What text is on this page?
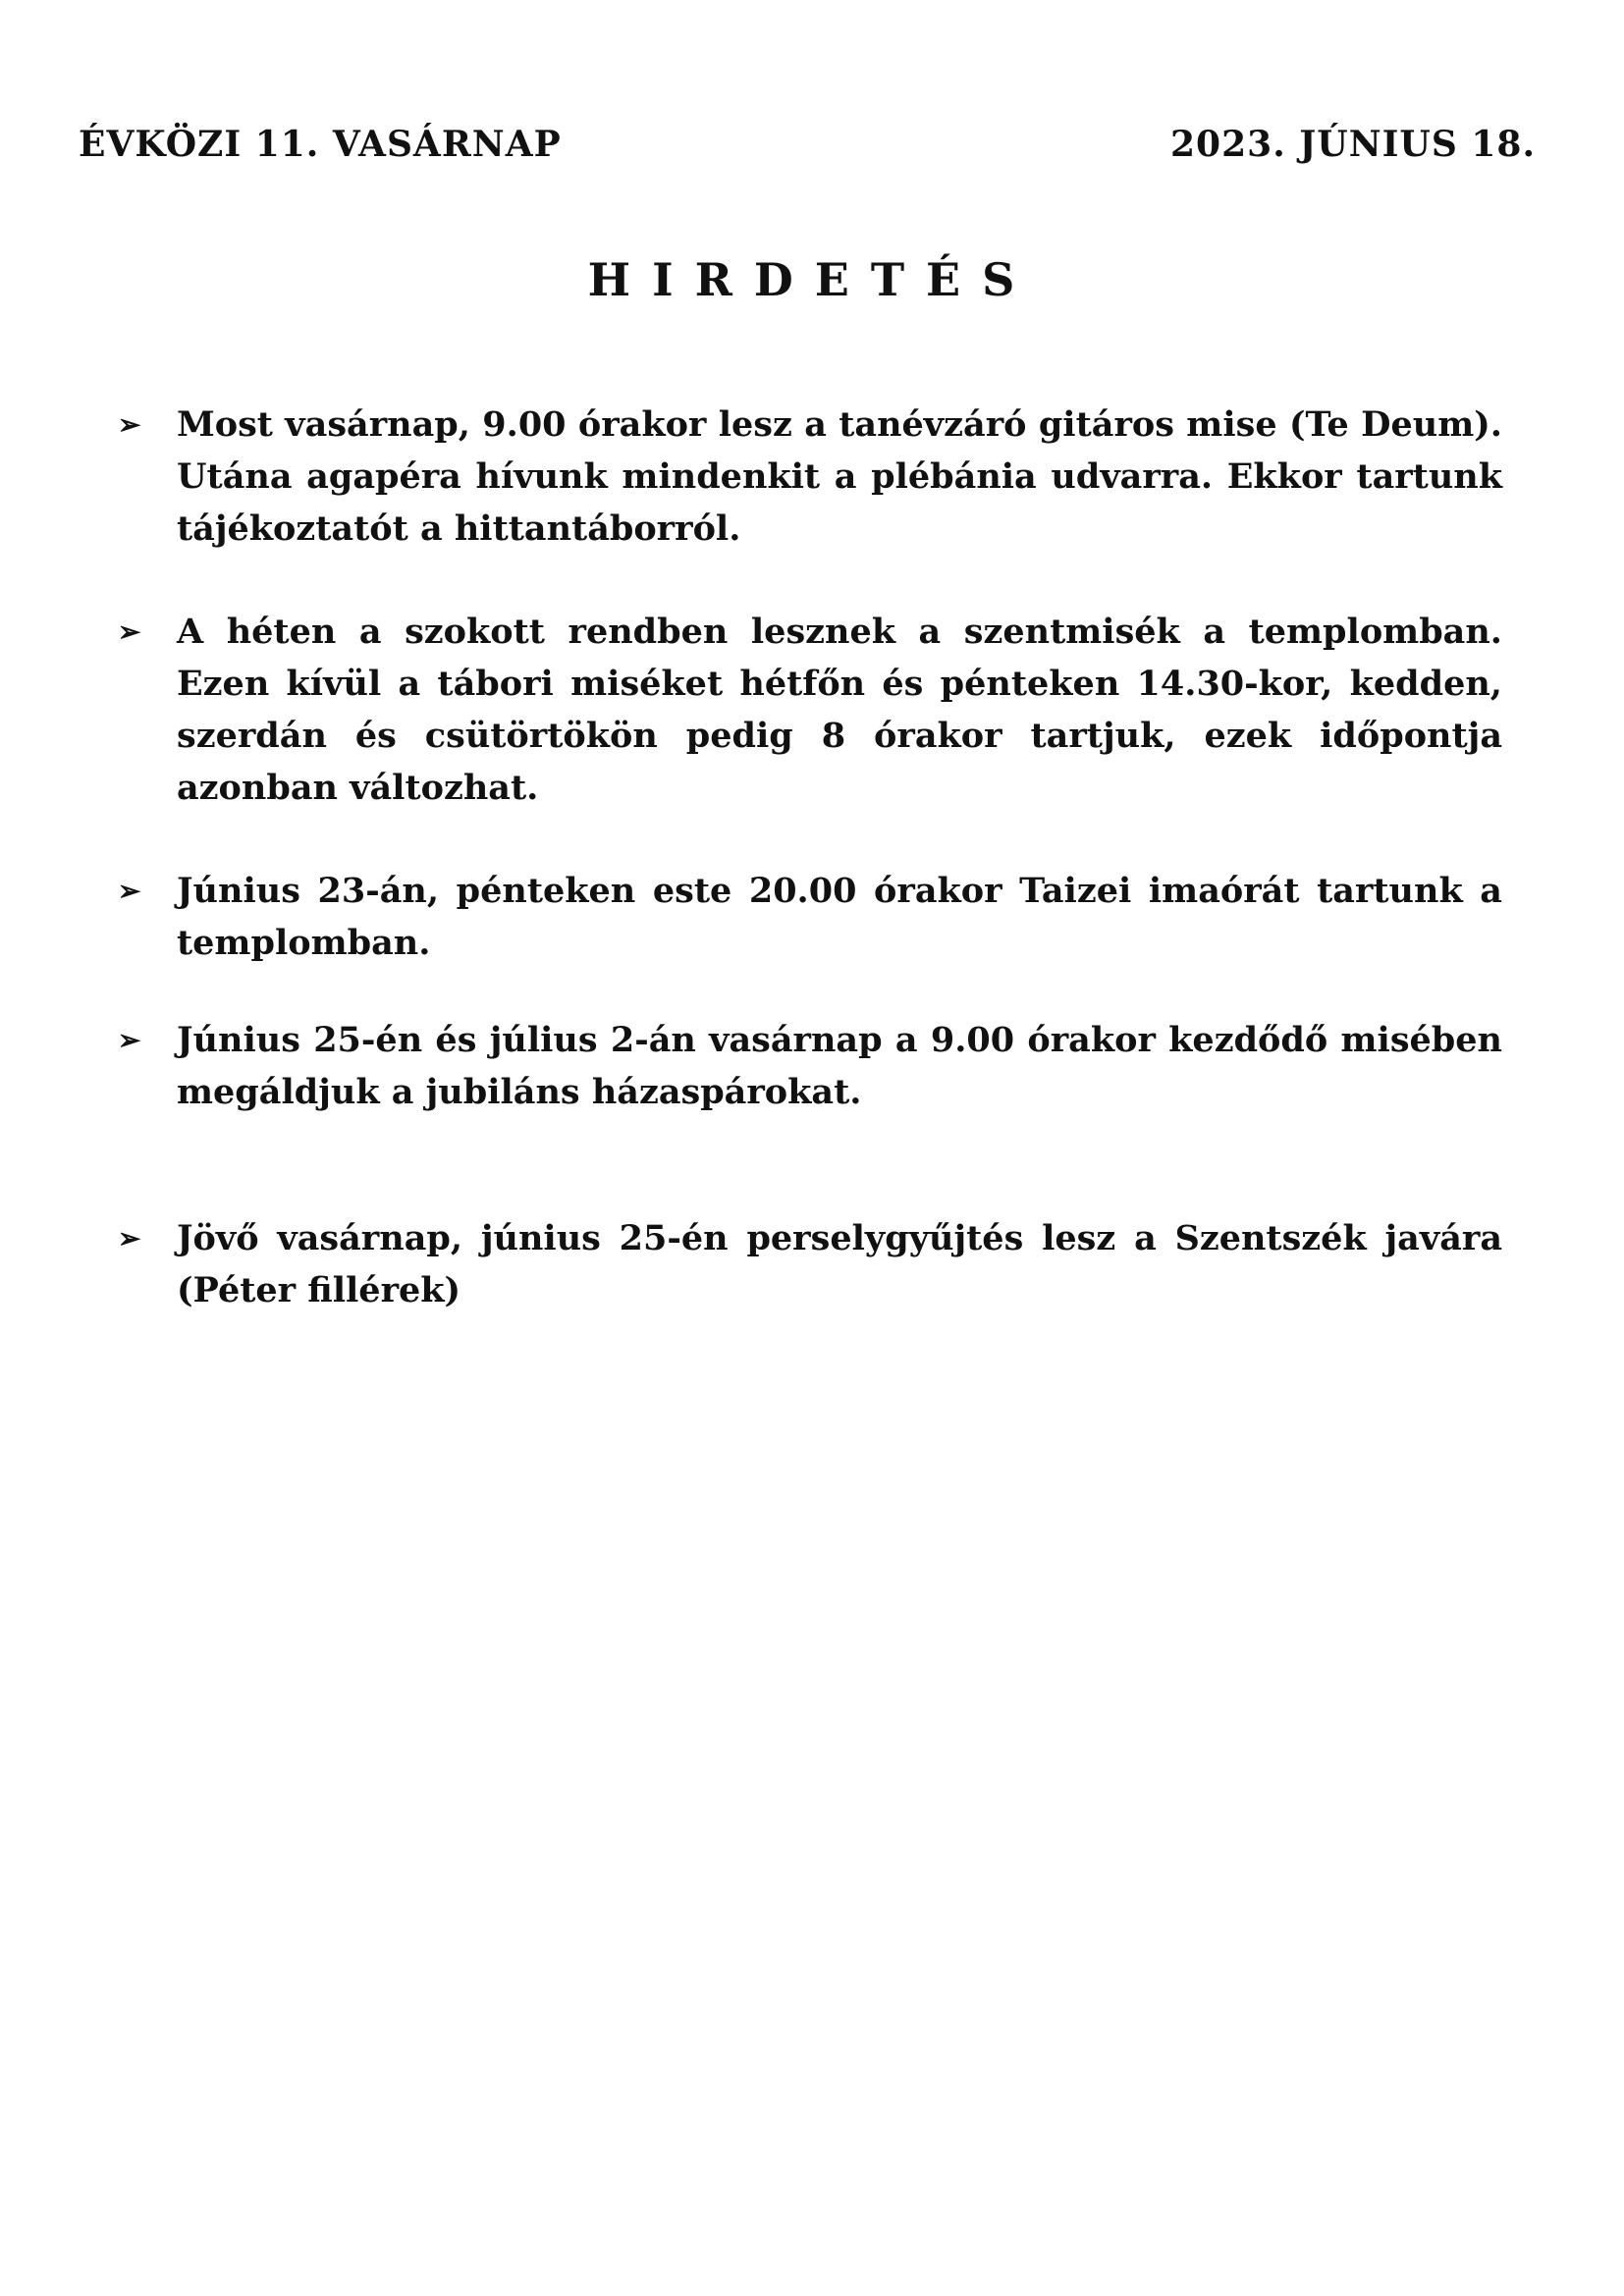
ÉVKÖZI 11. VASÁRNAP	2023. JÚNIUS 18.
HIRDETÉS
➢	Most vasárnap, 9.00 órakor lesz a tanévzáró gitáros mise (Te Deum). Utána agapéra hívunk mindenkit a plébánia udvarra. Ekkor tartunk tájékoztatót a hittantáborról.
➢	A héten a szokott rendben lesznek a szentmisék a templomban. Ezen kívül a tábori miséket hétfőn és pénteken 14.30-kor, kedden, szerdán és csütörtökön pedig 8 órakor tartjuk, ezek időpontja azonban változhat.
➢	Június 23-án, pénteken este 20.00 órakor Taizei imaórát tartunk a templomban.
➢	Június 25-én és július 2-án vasárnap a 9.00 órakor kezdődő misében megáldjuk a jubiláns házaspárokat.
➢	Jövő vasárnap, június 25-én perselygyűjtés lesz a Szentszék javára (Péter fillérek)
